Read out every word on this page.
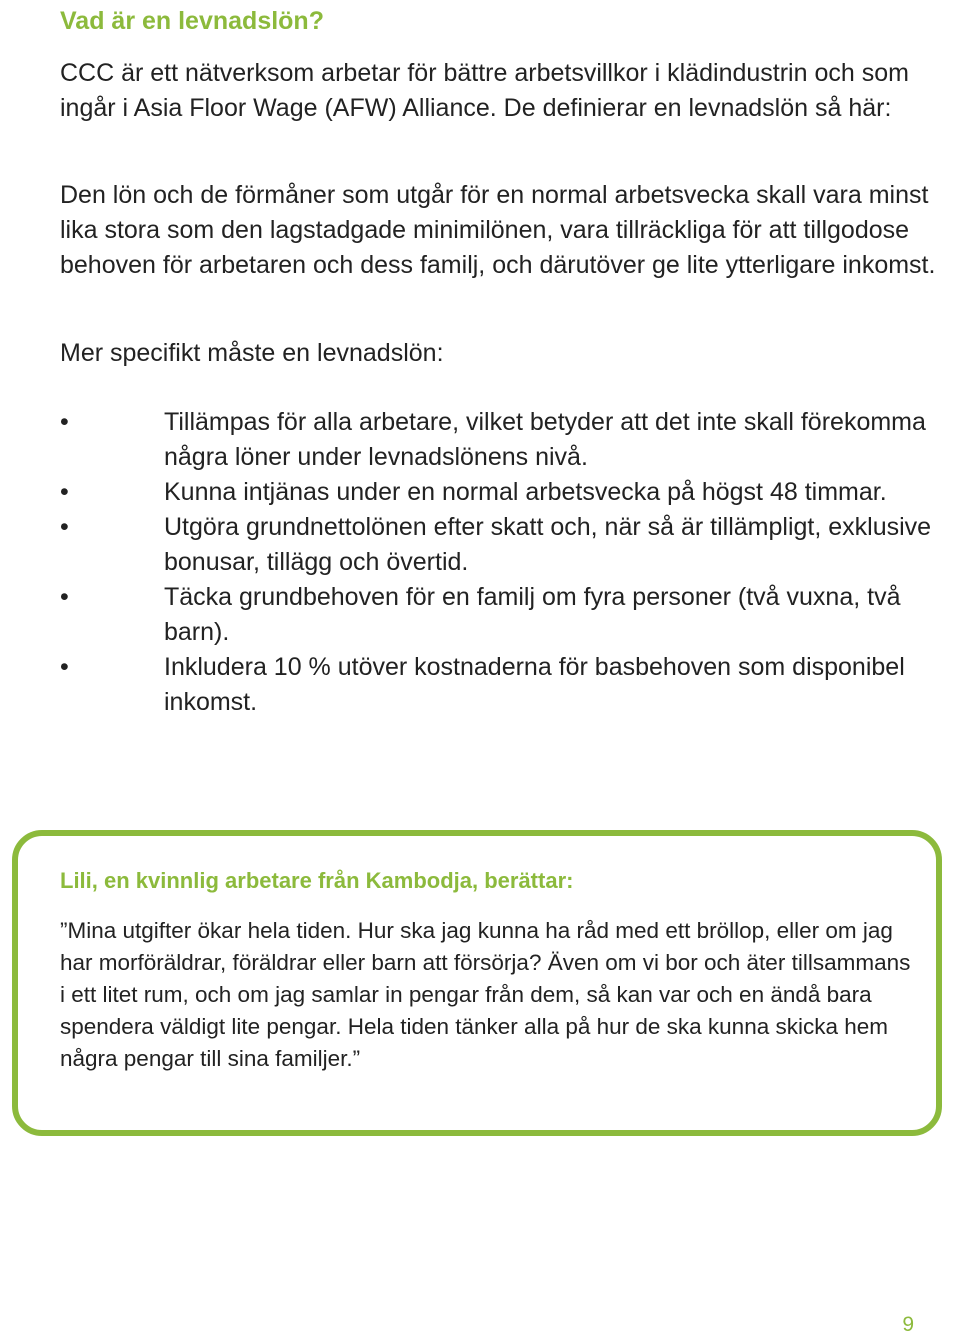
Vad är en levnadslön?

CCC är ett nätverksom arbetar för bättre arbetsvillkor i klädindustrin och som ingår i Asia Floor Wage (AFW) Alliance. De definierar en levnadslön så här:

Den lön och de förmåner som utgår för en normal arbetsvecka skall vara minst lika stora som den lagstadgade minimilönen, vara tillräckliga för att tillgodose behoven för arbetaren och dess familj, och därutöver ge lite ytterligare inkomst.

Mer specifikt måste en levnadslön:

•	Tillämpas för alla arbetare, vilket betyder att det inte skall förekomma några löner under levnadslönens nivå.
•	Kunna intjänas under en normal arbetsvecka på högst 48 timmar.
•	Utgöra grundnettolönen efter skatt och, när så är tillämpligt, exklusive bonusar, tillägg och övertid.
•	Täcka grundbehoven för en familj om fyra personer (två vuxna, två barn).
•	Inkludera 10 % utöver kostnaderna för basbehoven som disponibel inkomst.
Lili, en kvinnlig arbetare från Kambodja, berättar:

”Mina utgifter ökar hela tiden. Hur ska jag kunna ha råd med ett bröllop, eller om jag har morföräldrar, föräldrar eller barn att försörja? Även om vi bor och äter tillsammans i ett litet rum, och om jag samlar in pengar från dem, så kan var och en ändå bara spendera väldigt lite pengar. Hela tiden tänker alla på hur de ska kunna skicka hem några pengar till sina familjer.”

9
